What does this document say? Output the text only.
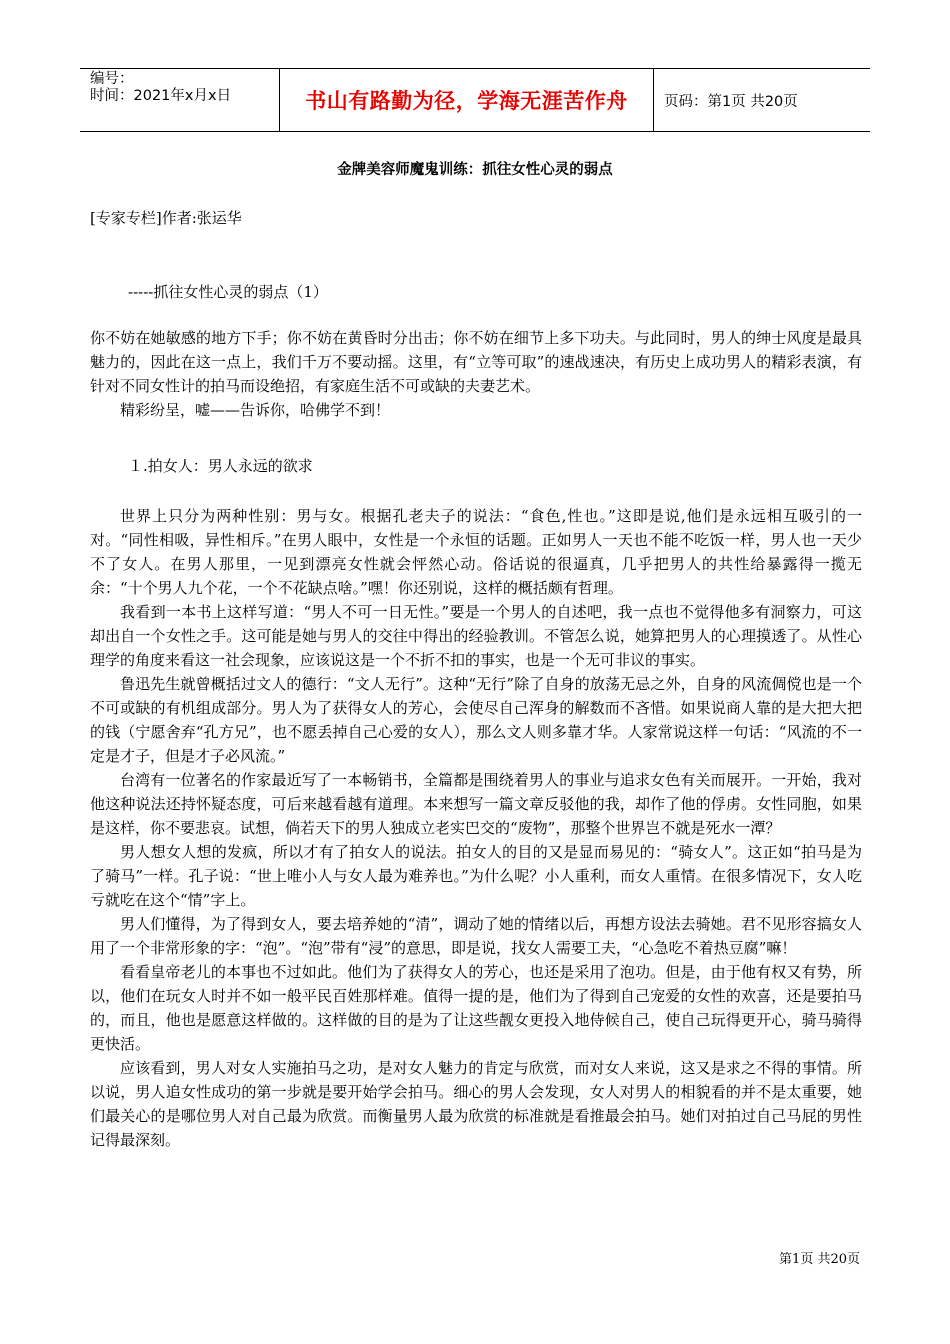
编号：
时间：2021年x月x日	书山有路勤为径，学海无涯苦作舟	页码：第1页 共20页
金牌美容师魔鬼训练：抓往女性心灵的弱点
[专家专栏]作者:张运华
-----抓往女性心灵的弱点（1）

你不妨在她敏感的地方下手；你不妨在黄昏时分出击；你不妨在细节上多下功夫。与此同时，男人的绅士风度是最具魅力的，因此在这一点上，我们千万不要动摇。这里，有“立等可取”的速战速决，有历史上成功男人的精彩表演，有针对不同女性计的拍马而设绝招，有家庭生活不可或缺的夫妻艺术。

精彩纷呈，嘘——告诉你，哈佛学不到！

１.拍女人：男人永远的欲求

世界上只分为两种性别：男与女。根据孔老夫子的说法：“食色,性也。”这即是说,他们是永远相互吸引的一对。“同性相吸，异性相斥。”在男人眼中，女性是一个永恒的话题。正如男人一天也不能不吃饭一样，男人也一天少不了女人。在男人那里，一见到漂亮女性就会怦然心动。俗话说的很逼真，几乎把男人的共性给暴露得一揽无余：“十个男人九个花，一个不花缺点啥。”嘿！你还别说，这样的概括颇有哲理。

我看到一本书上这样写道：“男人不可一日无性。”要是一个男人的自述吧，我一点也不觉得他多有洞察力，可这却出自一个女性之手。这可能是她与男人的交往中得出的经验教训。不管怎么说，她算把男人的心理摸透了。从性心理学的角度来看这一社会现象，应该说这是一个不折不扣的事实，也是一个无可非议的事实。

鲁迅先生就曾概括过文人的德行：“文人无行”。这种“无行”除了自身的放荡无忌之外，自身的风流倜傥也是一个不可或缺的有机组成部分。男人为了获得女人的芳心，会使尽自己浑身的解数而不吝惜。如果说商人靠的是大把大把的钱（宁愿舍弃“孔方兄”，也不愿丢掉自己心爱的女人），那么文人则多靠才华。人家常说这样一句话：“风流的不一定是才子，但是才子必风流。”

台湾有一位著名的作家最近写了一本畅销书，全篇都是围绕着男人的事业与追求女色有关而展开。一开始，我对他这种说法还持怀疑态度，可后来越看越有道理。本来想写一篇文章反驳他的我，却作了他的俘虏。女性同胞，如果是这样，你不要悲哀。试想，倘若天下的男人独成立老实巴交的“废物”，那整个世界岂不就是死水一潭？

男人想女人想的发疯，所以才有了拍女人的说法。拍女人的目的又是显而易见的：“骑女人”。这正如“拍马是为了骑马”一样。孔子说：“世上唯小人与女人最为难养也。”为什么呢？小人重利，而女人重情。在很多情况下，女人吃亏就吃在这个“情”字上。

男人们懂得，为了得到女人，要去培养她的“清”，调动了她的情绪以后，再想方设法去骑她。君不见形容搞女人用了一个非常形象的字：“泡”。“泡”带有“浸”的意思，即是说，找女人需要工夫，“心急吃不着热豆腐”嘛！

看看皇帝老儿的本事也不过如此。他们为了获得女人的芳心，也还是采用了泡功。但是，由于他有权又有势，所以，他们在玩女人时并不如一般平民百姓那样难。值得一提的是，他们为了得到自己宠爱的女性的欢喜，还是要拍马的，而且，他也是愿意这样做的。这样做的目的是为了让这些靓女更投入地侍候自己，使自己玩得更开心，骑马骑得更快活。

应该看到，男人对女人实施拍马之功，是对女人魅力的肯定与欣赏，而对女人来说，这又是求之不得的事情。所以说，男人追女性成功的第一步就是要开始学会拍马。细心的男人会发现，女人对男人的相貌看的并不是太重要，她们最关心的是哪位男人对自己最为欣赏。而衡量男人最为欣赏的标准就是看推最会拍马。她们对拍过自己马屁的男性记得最深刻。

第1页 共20页
